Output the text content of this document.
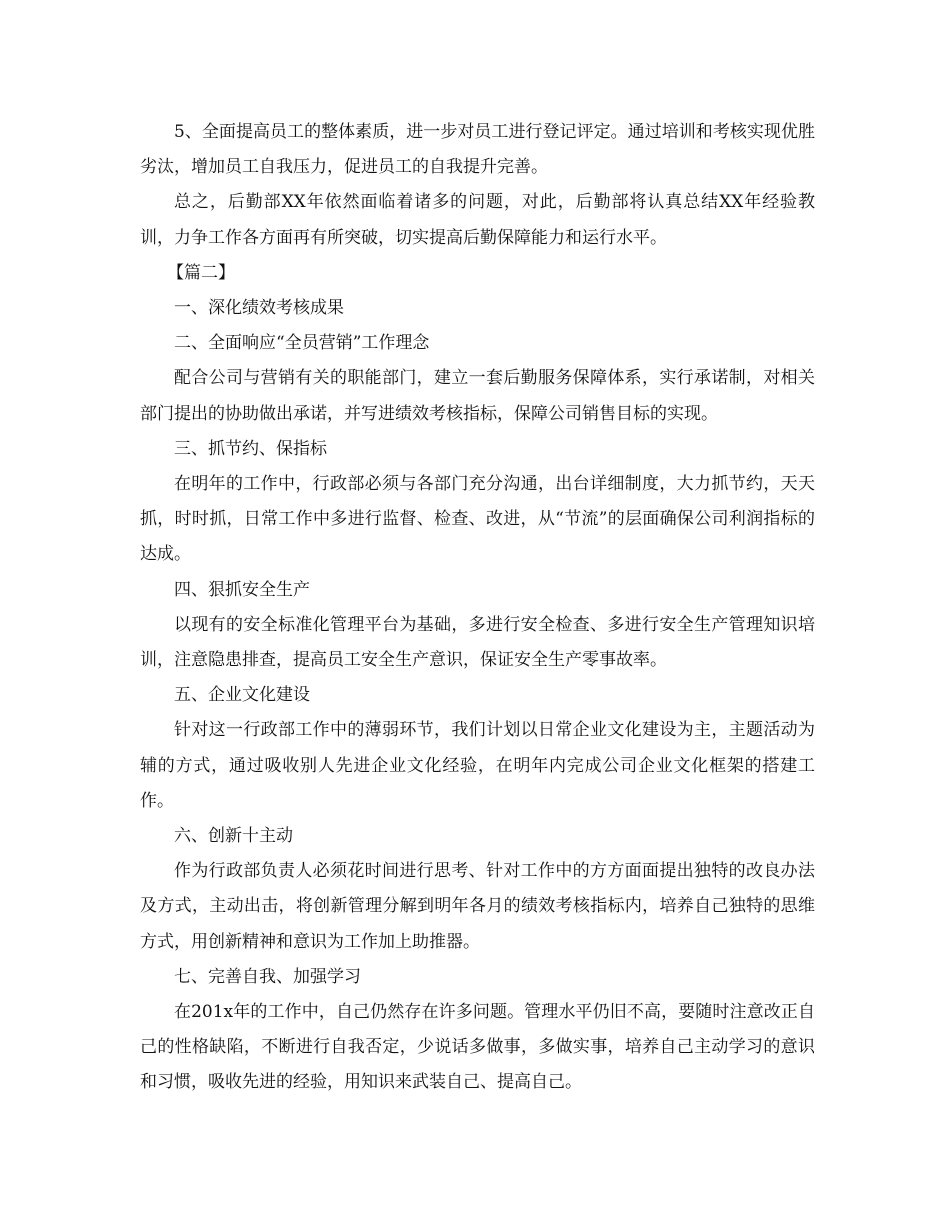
5、全面提高员工的整体素质，进一步对员工进行登记评定。通过培训和考核实现优胜劣汰，增加员工自我压力，促进员工的自我提升完善。

总之，后勤部XX年依然面临着诸多的问题，对此，后勤部将认真总结XX年经验教训，力争工作各方面再有所突破，切实提高后勤保障能力和运行水平。

【篇二】

一、深化绩效考核成果

二、全面响应“全员营销”工作理念

配合公司与营销有关的职能部门，建立一套后勤服务保障体系，实行承诺制，对相关部门提出的协助做出承诺，并写进绩效考核指标，保障公司销售目标的实现。

三、抓节约、保指标

在明年的工作中，行政部必须与各部门充分沟通，出台详细制度，大力抓节约，天天抓，时时抓，日常工作中多进行监督、检查、改进，从“节流”的层面确保公司利润指标的达成。

四、狠抓安全生产

以现有的安全标准化管理平台为基础，多进行安全检查、多进行安全生产管理知识培训，注意隐患排查，提高员工安全生产意识，保证安全生产零事故率。

五、企业文化建设

针对这一行政部工作中的薄弱环节，我们计划以日常企业文化建设为主，主题活动为辅的方式，通过吸收别人先进企业文化经验，在明年内完成公司企业文化框架的搭建工作。

六、创新十主动

作为行政部负责人必须花时间进行思考、针对工作中的方方面面提出独特的改良办法及方式，主动出击，将创新管理分解到明年各月的绩效考核指标内，培养自己独特的思维方式，用创新精神和意识为工作加上助推器。

七、完善自我、加强学习

在201x年的工作中，自己仍然存在许多问题。管理水平仍旧不高，要随时注意改正自己的性格缺陷，不断进行自我否定，少说话多做事，多做实事，培养自己主动学习的意识和习惯，吸收先进的经验，用知识来武装自己、提高自己。
